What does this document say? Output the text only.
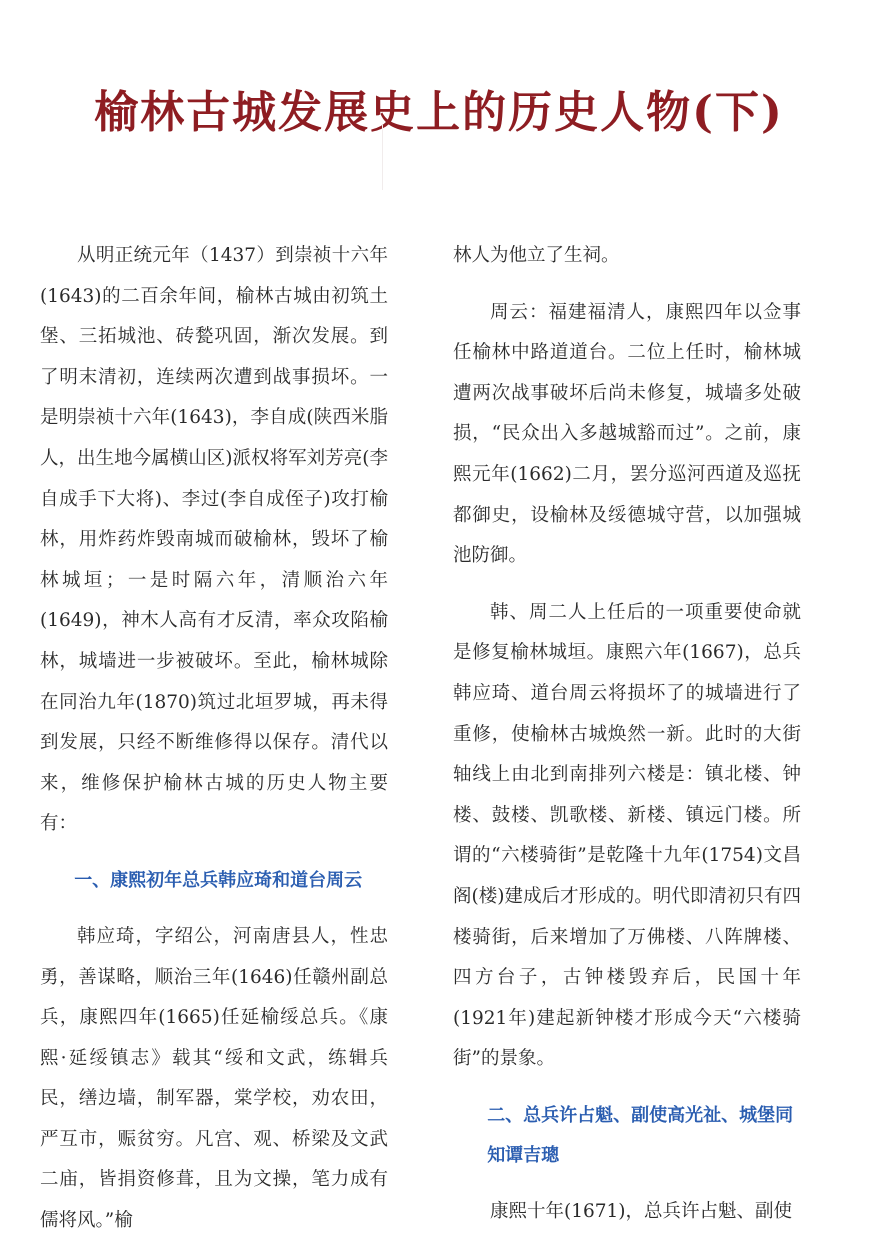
榆林古城发展史上的历史人物(下)

从明正统元年（1437）到崇祯十六年(1643)的二百余年间，榆林古城由初筑土堡、三拓城池、砖甃巩固，渐次发展。到了明末清初，连续两次遭到战事损坏。一是明崇祯十六年(1643)，李自成(陕西米脂人，出生地今属横山区)派权将军刘芳亮(李自成手下大将)、李过(李自成侄子)攻打榆林，用炸药炸毁南城而破榆林，毁坏了榆林城垣；一是时隔六年，清顺治六年(1649)，神木人高有才反清，率众攻陷榆林，城墙进一步被破坏。至此，榆林城除在同治九年(1870)筑过北垣罗城，再未得到发展，只经不断维修得以保存。清代以来，维修保护榆林古城的历史人物主要有：

一、康熙初年总兵韩应琦和道台周云

韩应琦，字绍公，河南唐县人，性忠勇，善谋略，顺治三年(1646)任赣州副总兵，康熙四年(1665)任延榆绥总兵。《康熙·延绥镇志》载其“绥和文武，练辑兵民，缮边墙，制军器，棠学校，劝农田，严互市，赈贫穷。凡宫、观、桥梁及文武二庙，皆捐资修葺，且为文操，笔力成有儒将风。”榆

林人为他立了生祠。

周云：福建福清人，康熙四年以佥事任榆林中路道道台。二位上任时，榆林城遭两次战事破坏后尚未修复，城墙多处破损，“民众出入多越城豁而过”。之前，康熙元年(1662)二月，罢分巡河西道及巡抚都御史，设榆林及绥德城守营，以加强城池防御。

韩、周二人上任后的一项重要使命就是修复榆林城垣。康熙六年(1667)，总兵韩应琦、道台周云将损坏了的城墙进行了重修，使榆林古城焕然一新。此时的大街轴线上由北到南排列六楼是：镇北楼、钟楼、鼓楼、凯歌楼、新楼、镇远门楼。所谓的“六楼骑街”是乾隆十九年(1754)文昌阁(楼)建成后才形成的。明代即清初只有四楼骑街，后来增加了万佛楼、八阵牌楼、四方台子，古钟楼毁弃后，民国十年(1921年)建起新钟楼才形成今天“六楼骑街”的景象。

二、总兵许占魁、副使高光祉、城堡同知谭吉璁

康熙十年(1671)，总兵许占魁、副使
